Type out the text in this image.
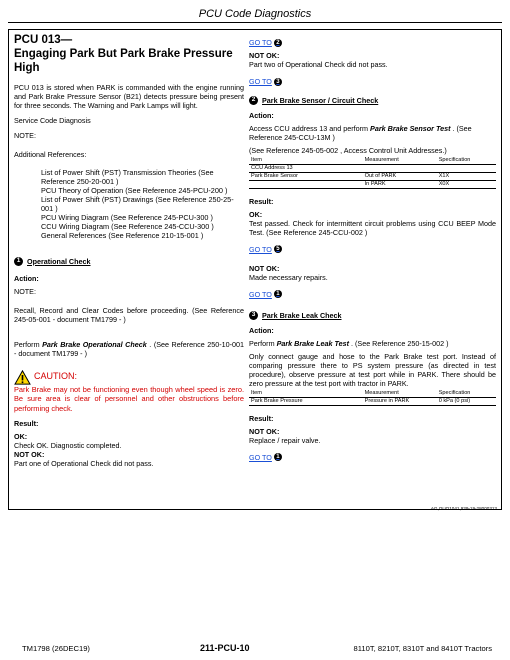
PCU Code Diagnostics
PCU 013—
Engaging Park But Park Brake Pressure High

PCU 013 is stored when PARK is commanded with the engine running and Park Brake Pressure Sensor (B21) detects pressure being present for three seconds. The Warning and Park Lamps will light.

Service Code Diagnosis

NOTE:

Additional References:

List of Power Shift (PST) Transmission Theories (See Reference 250-20-001 )
PCU Theory of Operation (See Reference 245-PCU-200 )
List of Power Shift (PST) Drawings (See Reference 250-25-001 )
PCU Wiring Diagram (See Reference 245-PCU-300 )
CCU Wiring Diagram (See Reference 245-CCU-300 )
General References (See Reference 210-15-001 )
1 Operational Check

Action:

NOTE:

Recall, Record and Clear Codes before proceeding. (See Reference 245-05-001 - document TM1799 - )

Perform Park Brake Operational Check . (See Reference 250-10-001 - document TM1799 - )

CAUTION:

Park Brake may not be functioning even though wheel speed is zero. Be sure area is clear of personnel and other obstructions before performing check.

Result:

OK:

Check OK. Diagnostic completed.

NOT OK:

Part one of Operational Check did not pass.

GO TO 2

NOT OK:

Part two of Operational Check did not pass.

GO TO 3
2 Park Brake Sensor / Circuit Check

Action:

Access CCU address 13 and perform Park Brake Sensor Test . (See Reference 245-CCU-13M )

(See Reference 245-05-002 , Access Control Unit Addresses.)

Item	Measurement	Specification
CCU Address 13		
Park Brake Sensor	Out of PARK	X1X
	In PARK	X0X

Result:

OK:

Test passed. Check for intermittent circuit problems using CCU BEEP Mode Test. (See Reference 245-CCU-002 )

GO TO 5

NOT OK:

Made necessary repairs.

GO TO 1
3 Park Brake Leak Check

Action:

Perform Park Brake Leak Test . (See Reference 250-15-002 )

Only connect gauge and hose to the Park Brake test port. Instead of comparing pressure there to PS system pressure (as directed in test procedure), observe pressure at test port while in PARK. There should be zero pressure at the test port with tractor in PARK.

Item	Measurement	Specification
Park Brake Pressure	Pressure in PARK	0 kPa (0 psi)

Result:

NOT OK:

Replace / repair valve.

GO TO 1
AG,OUO1041,939-19-28000313
TM1798 (26DEC19)	211-PCU-10	8110T, 8210T, 8310T and 8410T Tractors
